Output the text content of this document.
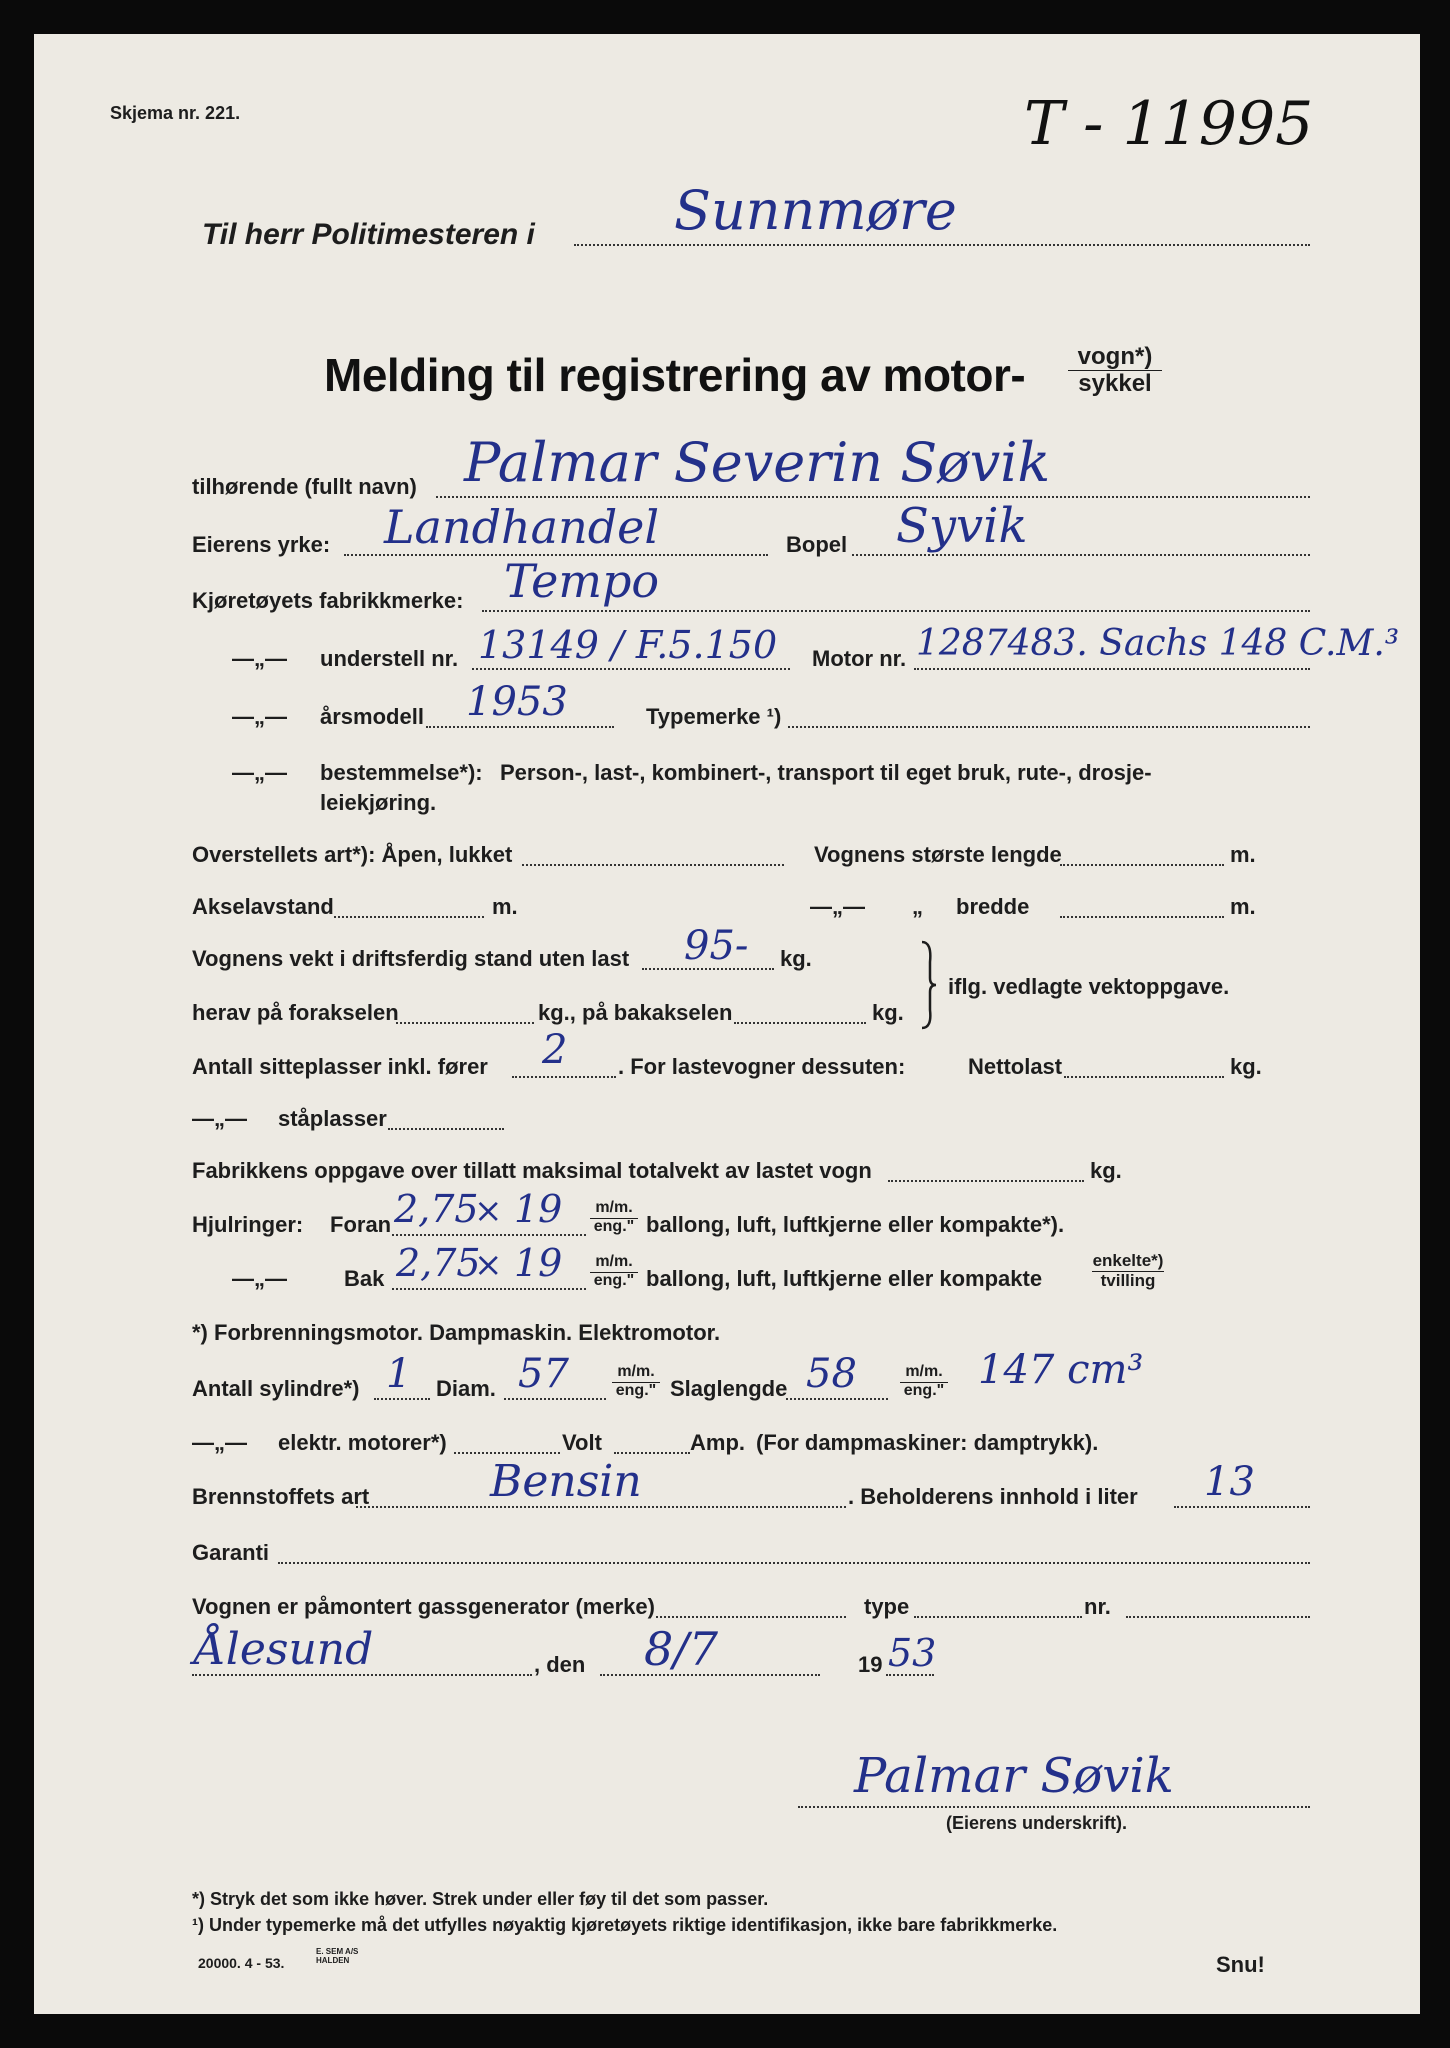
Skjema nr. 221.	T - 11995
Til herr Politimesteren i	Sunnmøre
Melding til registrering av motor-	vogn*)
sykkel
tilhørende (fullt navn) Palmar Severin Søvik
Eierens yrke: Landhandel	Bopel Syvik
Kjøretøyets fabrikkmerke: Tempo
—„— understell nr. 13149 / F.5.150 Motor nr. 1287483. Sachs 148 C.M.³
—„— årsmodell 1953	Typemerke ¹)
—„— bestemmelse*): Person-, last-, kombinert-, transport til eget bruk, rute-, drosje-
leiekjøring.
Overstellets art*): Åpen, lukket	Vognens største lengde	m.
Akselavstand	m.	—„— „ bredde	m.
Vognens vekt i driftsferdig stand uten last 95- kg.
herav på forakselen	kg., på bakakselen	kg.
iflg. vedlagte vektoppgave.
Antall sitteplasser inkl. fører 2 . For lastevogner dessuten:	Nettolast	kg.
—„— ståplasser
Fabrikkens oppgave over tillatt maksimal totalvekt av lastet vogn	kg.
Hjulringer: Foran 2,75
× 19	m/m.
eng." ballong, luft, luftkjerne eller kompakte*).
—„—	Bak 2,75
× 19	m/m.
eng." ballong, luft, luftkjerne eller kompakte
enkelte*)
tvilling
*) Forbrenningsmotor. Dampmaskin. Elektromotor.
Antall sylindre*) 1 Diam. 57	m/m.
eng." Slaglengde 58	m/m.
eng." 147 cm³
—„— elektr. motorer*)	Volt	Amp. (For dampmaskiner: damptrykk).
Brennstoffets art	Bensin	. Beholderens innhold i liter 13
Garanti
Vognen er påmontert gassgenerator (merke)	type	nr.
Ålesund	, den 8/7	19 53
Palmar Søvik
(Eierens underskrift).
*) Stryk det som ikke høver. Strek under eller føy til det som passer.
¹) Under typemerke må det utfylles nøyaktig kjøretøyets riktige identifikasjon, ikke bare fabrikkmerke.
20000. 4 - 53.
E. SEM A/S HALDEN	Snu!
